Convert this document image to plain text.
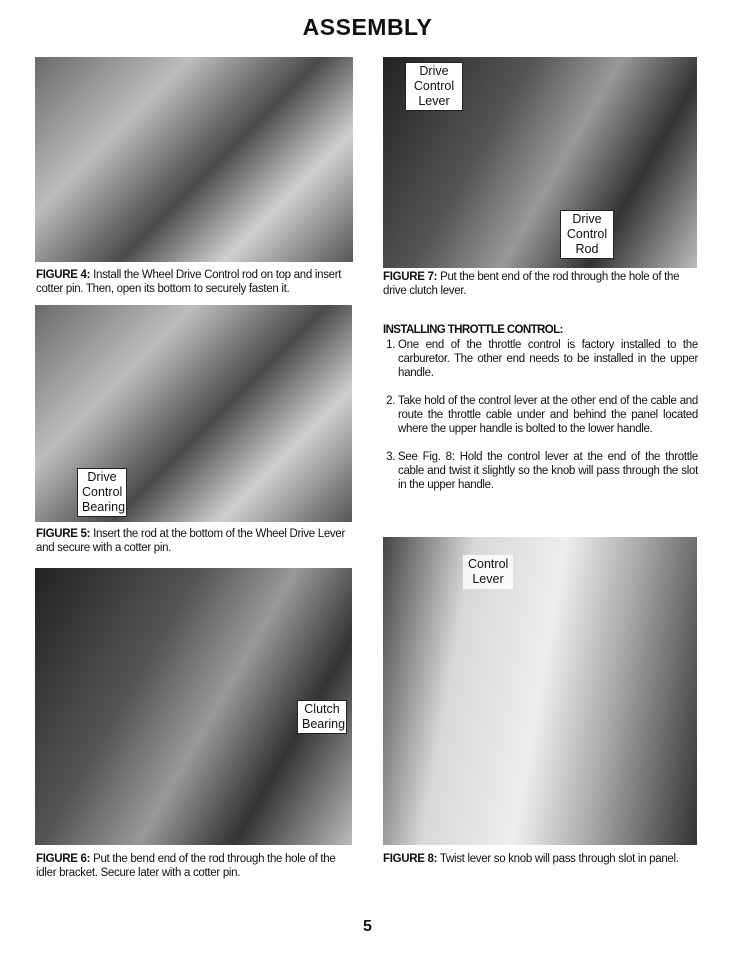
ASSEMBLY
FIGURE 4: Install the Wheel Drive Control rod on top and insert cotter pin. Then, open its bottom to securely fasten it.
Drive Control Lever
Drive Control Rod
FIGURE 7: Put the bent end of the rod through the hole of the drive clutch lever.
Drive Control Bearing
FIGURE 5: Insert the rod at the bottom of the Wheel Drive Lever and secure with a cotter pin.
INSTALLING THROTTLE CONTROL:
1. One end of the throttle control is factory installed to the carburetor. The other end needs to be installed in the upper handle.
2. Take hold of the control lever at the other end of the cable and route the throttle cable under and behind the panel located where the upper handle is bolted to the lower handle.
3. See Fig. 8: Hold the control lever at the end of the throttle cable and twist it slightly so the knob will pass through the slot in the upper handle.
Clutch Bearing
FIGURE 6: Put the bend end of the rod through the hole of the idler bracket. Secure later with a cotter pin.
Control Lever
FIGURE 8: Twist lever so knob will pass through slot in panel.
5
